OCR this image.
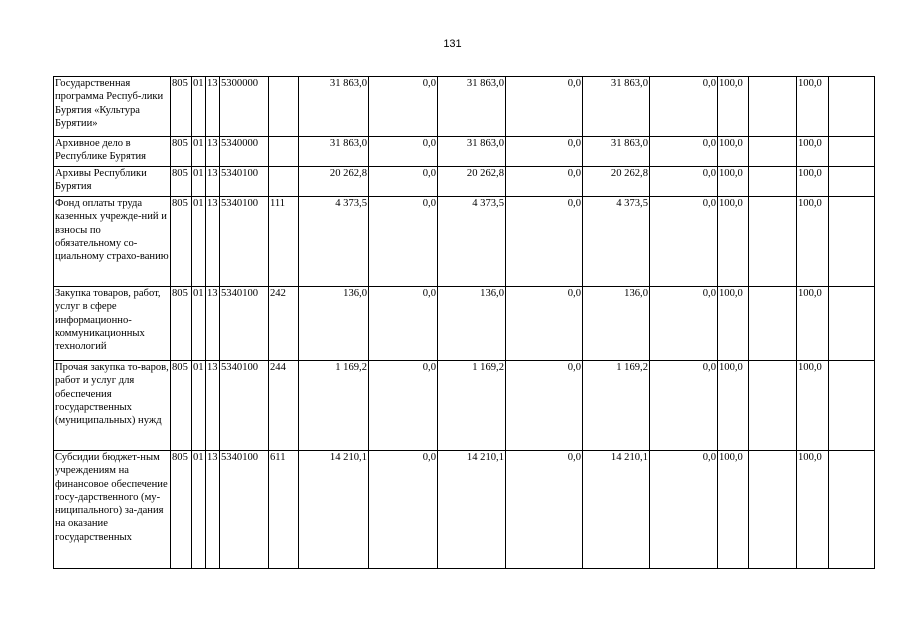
131
Государственная программа Респуб-лики Бурятия «Культура Бурятии»	805	01	13	5300000		31 863,0	0,0	31 863,0	0,0	31 863,0	0,0	100,0		100,0	
Архивное дело в Республике Бурятия	805	01	13	5340000		31 863,0	0,0	31 863,0	0,0	31 863,0	0,0	100,0		100,0	
Архивы Республики Бурятия	805	01	13	5340100		20 262,8	0,0	20 262,8	0,0	20 262,8	0,0	100,0		100,0	
Фонд оплаты труда казенных учрежде-ний и взносы по обязательному со-циальному страхо-ванию	805	01	13	5340100	111	4 373,5	0,0	4 373,5	0,0	4 373,5	0,0	100,0		100,0	
Закупка товаров, работ, услуг в сфере информационно-коммуникационных технологий	805	01	13	5340100	242	136,0	0,0	136,0	0,0	136,0	0,0	100,0		100,0	
Прочая закупка то-варов, работ и услуг для обеспечения государственных (муниципальных) нужд	805	01	13	5340100	244	1 169,2	0,0	1 169,2	0,0	1 169,2	0,0	100,0		100,0	
Субсидии бюджет-ным учреждениям на финансовое обеспечение госу-дарственного (му-ниципального) за-дания на оказание государственных	805	01	13	5340100	611	14 210,1	0,0	14 210,1	0,0	14 210,1	0,0	100,0		100,0	
